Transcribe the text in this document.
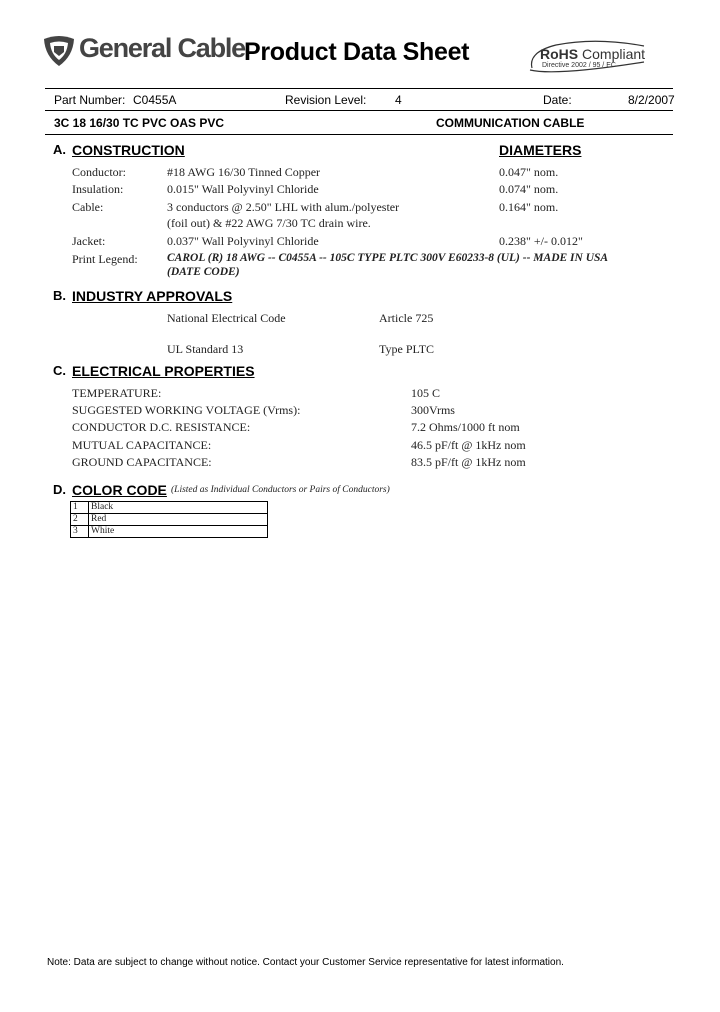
General Cable Product Data Sheet	RoHS Compliant
Directive 2002 / 95 / EC
Part Number: C0455A	Revision Level: 4	Date:	8/2/2007
3C 18 16/30 TC PVC OAS PVC	COMMUNICATION CABLE
A. CONSTRUCTION	DIAMETERS
Conductor:	#18 AWG 16/30 Tinned Copper	0.047" nom.
Insulation:	0.015" Wall Polyvinyl Chloride	0.074" nom.
Cable:	3 conductors @ 2.50" LHL with alum./polyester	0.164" nom.
(foil out) & #22 AWG 7/30 TC drain wire.
Jacket:	0.037" Wall Polyvinyl Chloride	0.238" +/- 0.012"
Print Legend:	CAROL (R) 18 AWG -- C0455A -- 105C TYPE PLTC 300V E60233-8 (UL) -- MADE IN USA
(DATE CODE)
B. INDUSTRY APPROVALS
National Electrical Code	Article 725
UL Standard 13	Type PLTC
C. ELECTRICAL PROPERTIES
TEMPERATURE:	105 C
SUGGESTED WORKING VOLTAGE (Vrms):	300Vrms
CONDUCTOR D.C. RESISTANCE:	7.2 Ohms/1000 ft nom
MUTUAL CAPACITANCE:	46.5 pF/ft @ 1kHz nom
GROUND CAPACITANCE:	83.5 pF/ft @ 1kHz nom
D. COLOR CODE (Listed as Individual Conductors or Pairs of Conductors)
1	Black
2	Red
3	White
Note: Data are subject to change without notice. Contact your Customer Service representative for latest information.
